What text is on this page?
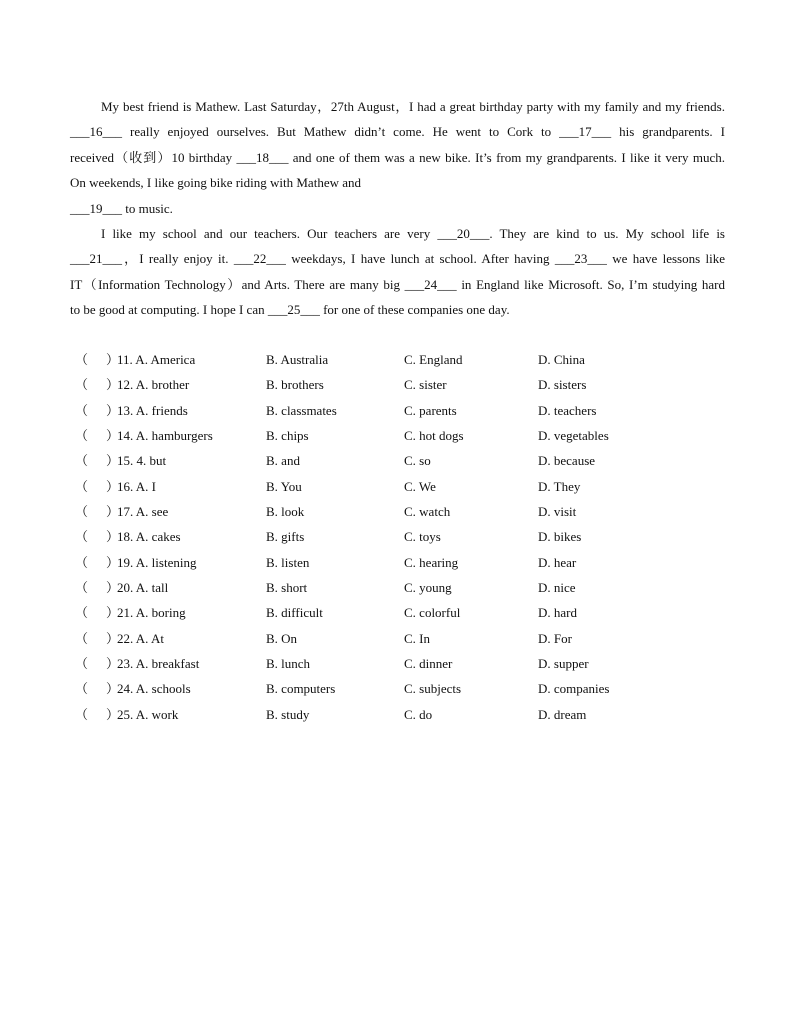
My best friend is Mathew. Last Saturday，27th August，I had a great birthday party with my family and my friends.
___16___ really enjoyed ourselves. But Mathew didn’t come. He went to Cork to ___17___ his grandparents. I
received（收到）10 birthday ___18___ and one of them was a new bike. It’s from my grandparents. I like it very much.
On weekends, I like going bike riding with Mathew and
___19___ to music.
I like my school and our teachers. Our teachers are very ___20___. They are kind to us. My school life is
___21___，I really enjoy it. ___22___ weekdays, I have lunch at school. After having ___23___ we have lessons like
IT（Information Technology）and Arts. There are many big ___24___ in England like Microsoft. So, I’m studying hard
to be good at computing. I hope I can ___25___ for one of these companies one day.
（ ）
11. A. America	B. Australia	C. England	D. China
（ ）
12. A. brother	B. brothers	C. sister	D. sisters
（ ）
13. A. friends	B. classmates	C. parents	D. teachers
（ ）
14. A. hamburgers	B. chips	C. hot dogs	D. vegetables
（ ）
15. 4. but	B. and	C. so	D. because
（ ）
16. A. I	B. You	C. We	D. They
（ ）
17. A. see	B. look	C. watch	D. visit
（ ）
18. A. cakes	B. gifts	C. toys	D. bikes
（ ）
19. A. listening	B. listen	C. hearing	D. hear
（ ）
20. A. tall	B. short	C. young	D. nice
（ ）
21. A. boring	B. difficult	C. colorful	D. hard
（ ）
22. A. At	B. On	C. In	D. For
（ ）
23. A. breakfast	B. lunch	C. dinner	D. supper
（ ）
24. A. schools	B. computers	C. subjects	D. companies
（ ）
25. A. work	B. study	C. do	D. dream
